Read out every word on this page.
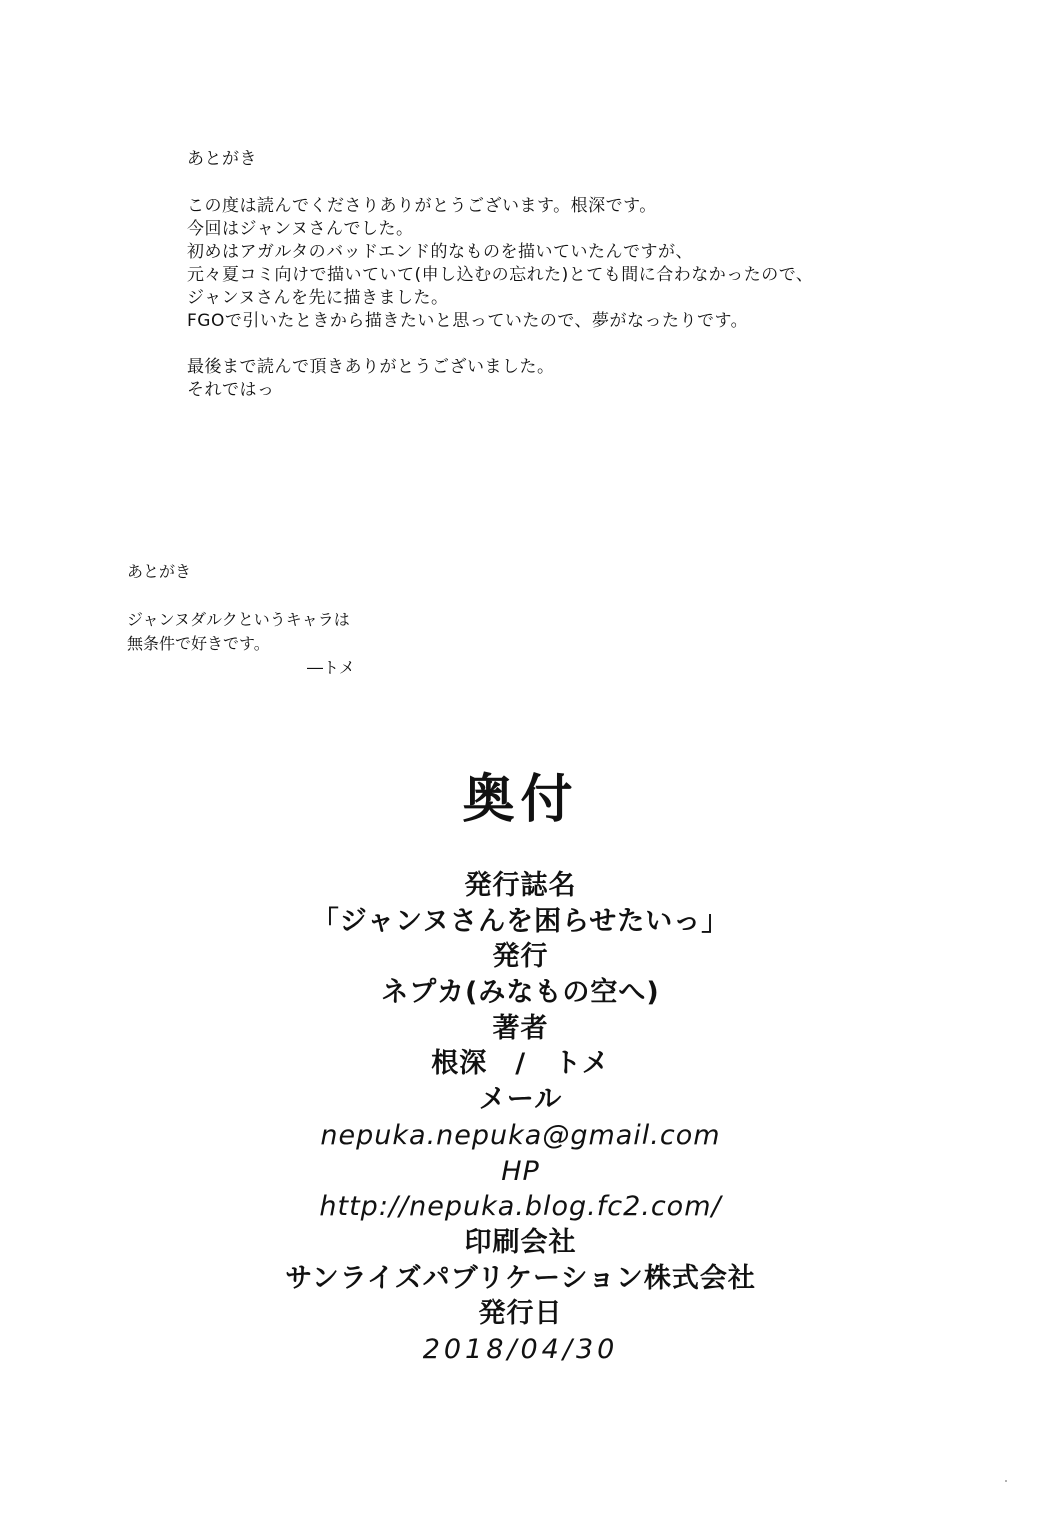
あとがき
この度は読んでくださりありがとうございます。根深です。
今回はジャンヌさんでした。
初めはアガルタのバッドエンド的なものを描いていたんですが、
元々夏コミ向けで描いていて(申し込むの忘れた)とても間に合わなかったので、
ジャンヌさんを先に描きました。
FGOで引いたときから描きたいと思っていたので、夢がなったりです。
最後まで読んで頂きありがとうございました。
それではっ
あとがき
ジャンヌダルクというキャラは
無条件で好きです。
―トメ
奥付
発行誌名
「ジャンヌさんを困らせたいっ」
発行
ネプカ(みなもの空へ)
著者
根深　/　トメ
メール
nepuka.nepuka@gmail.com
HP
http://nepuka.blog.fc2.com/
印刷会社
サンライズパブリケーション株式会社
発行日
2018/04/30
